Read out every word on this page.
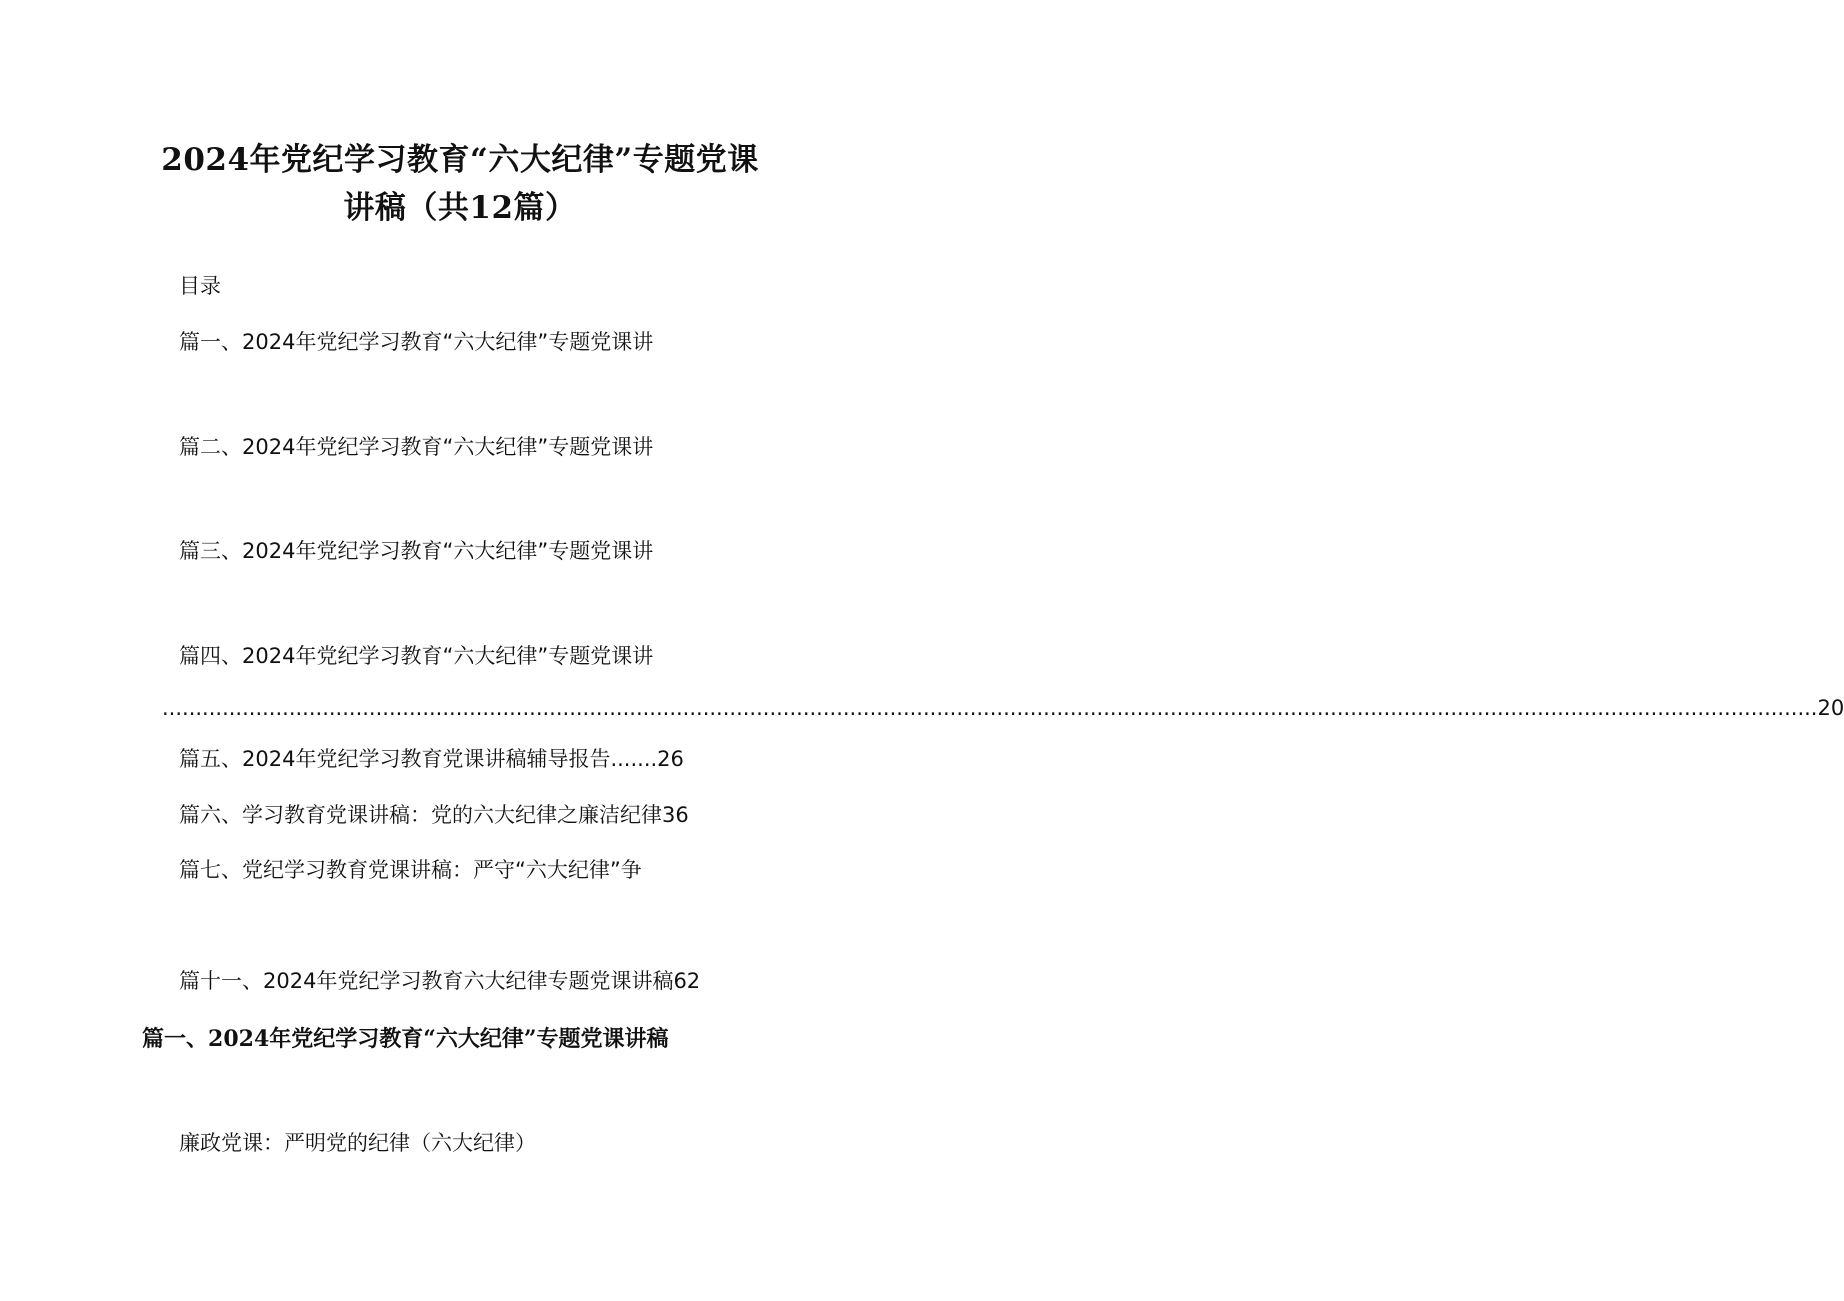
2024年党纪学习教育“六大纪律”专题党课
讲稿（共12篇）

目录

篇一、2024年党纪学习教育“六大纪律”专题党课讲

篇二、2024年党纪学习教育“六大纪律”专题党课讲

篇三、2024年党纪学习教育“六大纪律”专题党课讲

篇四、2024年党纪学习教育“六大纪律”专题党课讲

........................................................................................................................................................................................................................................................ 20

篇五、2024年党纪学习教育党课讲稿辅导报告.......26

篇六、学习教育党课讲稿：党的六大纪律之廉洁纪律36

篇七、党纪学习教育党课讲稿：严守“六大纪律”争

篇十一、2024年党纪学习教育六大纪律专题党课讲稿62

篇一、2024年党纪学习教育“六大纪律”专题党课讲稿

廉政党课：严明党的纪律（六大纪律）
